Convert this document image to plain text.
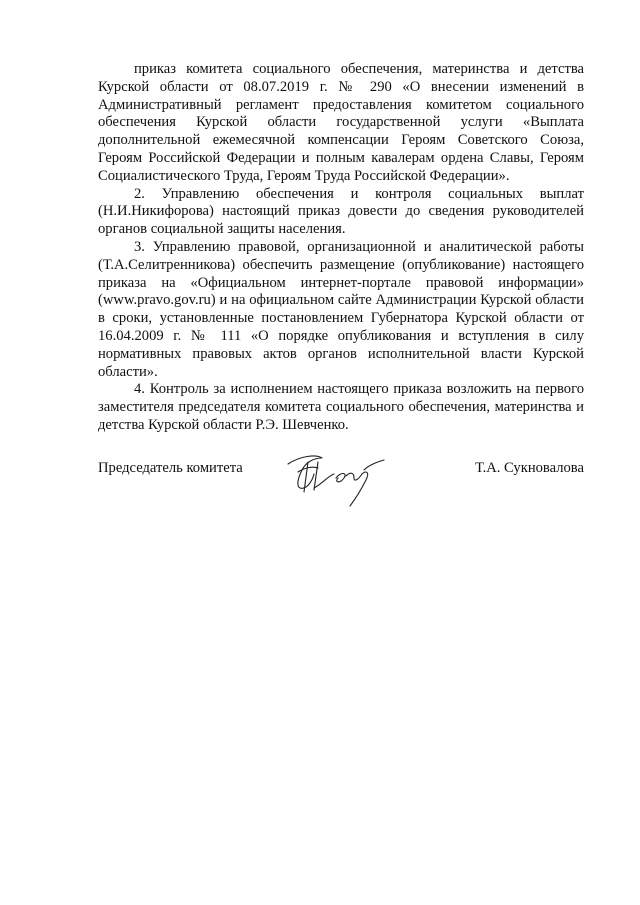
приказ комитета социального обеспечения, материнства и детства Курской области от 08.07.2019 г. № 290 «О внесении изменений в Административный регламент предоставления комитетом социального обеспечения Курской области государственной услуги «Выплата дополнительной ежемесячной компенсации Героям Советского Союза, Героям Российской Федерации и полным кавалерам ордена Славы, Героям Социалистического Труда, Героям Труда Российской Федерации».

2. Управлению обеспечения и контроля социальных выплат (Н.И.Никифорова) настоящий приказ довести до сведения руководителей органов социальной защиты населения.

3. Управлению правовой, организационной и аналитической работы (Т.А.Селитренникова) обеспечить размещение (опубликование) настоящего приказа на «Официальном интернет-портале правовой информации» (www.pravo.gov.ru) и на официальном сайте Администрации Курской области в сроки, установленные постановлением Губернатора Курской области от 16.04.2009 г. № 111 «О порядке опубликования и вступления в силу нормативных правовых актов органов исполнительной власти Курской области».

4. Контроль за исполнением настоящего приказа возложить на первого заместителя председателя комитета социального обеспечения, материнства и детства Курской области Р.Э. Шевченко.

Председатель комитета	Т.А. Сукновалова
